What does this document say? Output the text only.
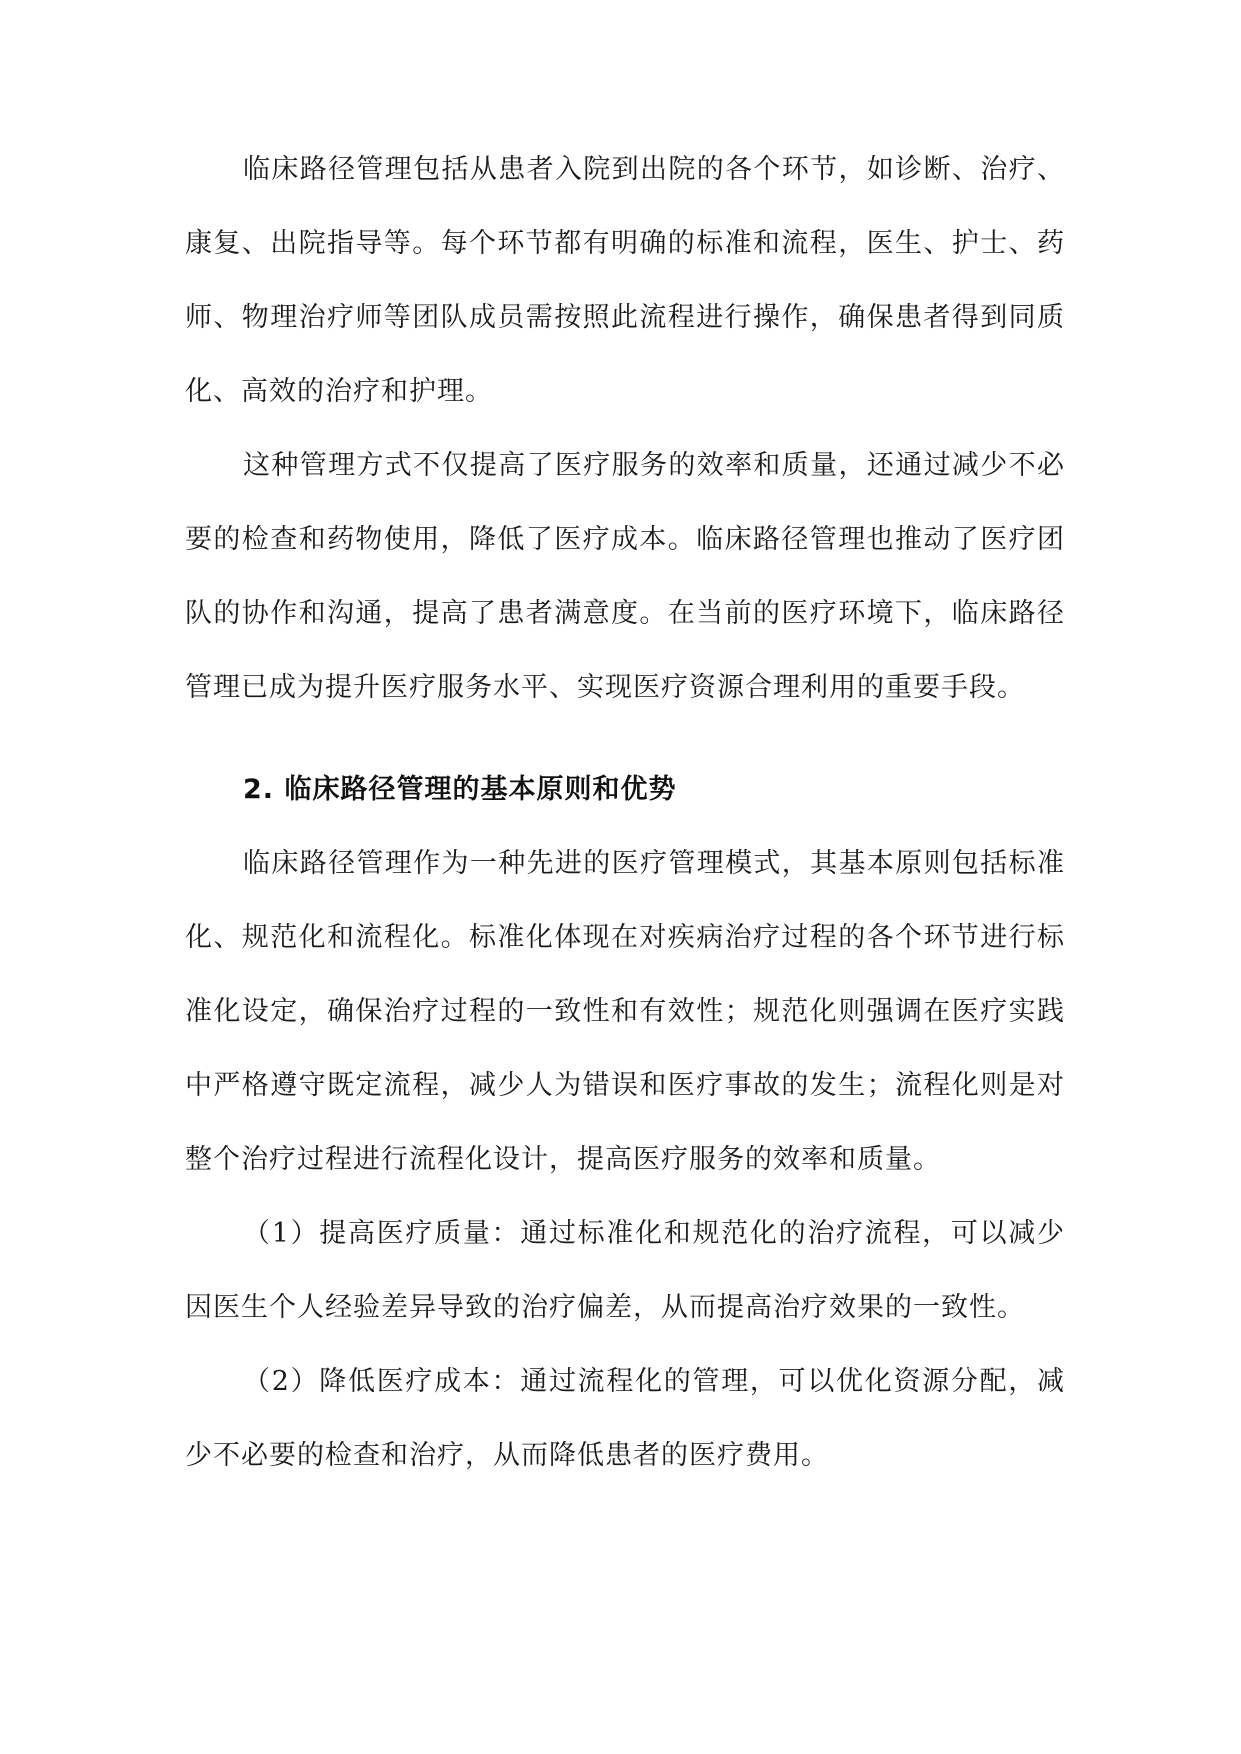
临床路径管理包括从患者入院到出院的各个环节，如诊断、治疗、康复、出院指导等。每个环节都有明确的标准和流程，医生、护士、药师、物理治疗师等团队成员需按照此流程进行操作，确保患者得到同质化、高效的治疗和护理。

这种管理方式不仅提高了医疗服务的效率和质量，还通过减少不必要的检查和药物使用，降低了医疗成本。临床路径管理也推动了医疗团队的协作和沟通，提高了患者满意度。在当前的医疗环境下，临床路径管理已成为提升医疗服务水平、实现医疗资源合理利用的重要手段。

2. 临床路径管理的基本原则和优势

临床路径管理作为一种先进的医疗管理模式，其基本原则包括标准化、规范化和流程化。标准化体现在对疾病治疗过程的各个环节进行标准化设定，确保治疗过程的一致性和有效性；规范化则强调在医疗实践中严格遵守既定流程，减少人为错误和医疗事故的发生；流程化则是对整个治疗过程进行流程化设计，提高医疗服务的效率和质量。

（1）提高医疗质量：通过标准化和规范化的治疗流程，可以减少因医生个人经验差异导致的治疗偏差，从而提高治疗效果的一致性。

（2）降低医疗成本：通过流程化的管理，可以优化资源分配，减少不必要的检查和治疗，从而降低患者的医疗费用。
